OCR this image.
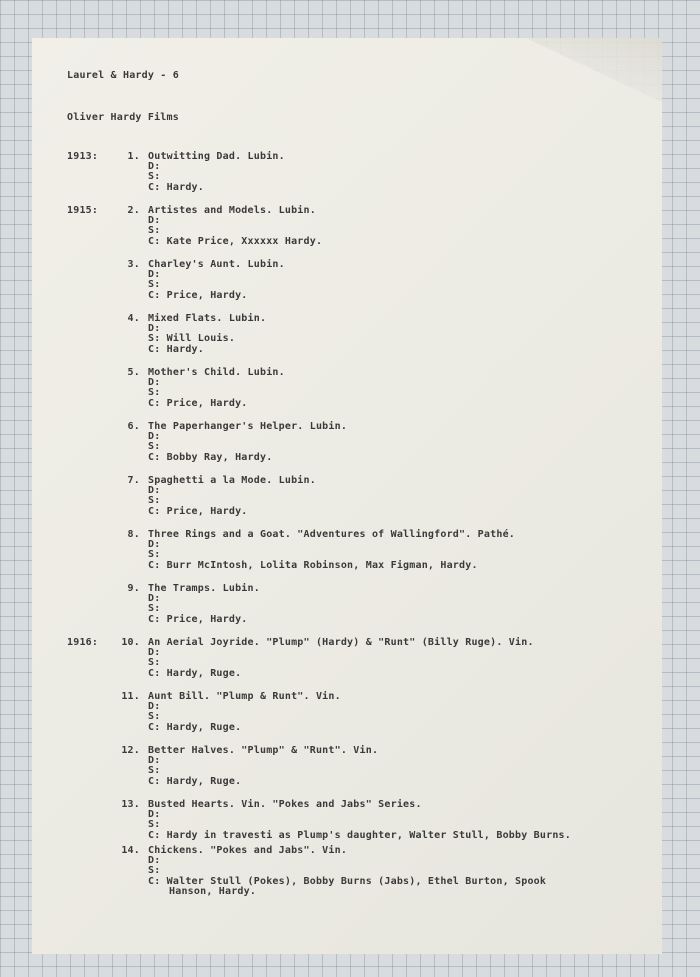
Laurel & Hardy - 6
Oliver Hardy Films
1913:
1915:
1916:
1. Outwitting Dad. Lubin.
D:
S:
C: Hardy.
2. Artistes and Models. Lubin.
D:
S:
C: Kate Price, Xxxxxx Hardy.
3. Charley's Aunt. Lubin.
D:
S:
C: Price, Hardy.
4. Mixed Flats. Lubin.
D:
S: Will Louis.
C: Hardy.
5. Mother's Child. Lubin.
D:
S:
C: Price, Hardy.
6. The Paperhanger's Helper. Lubin.
D:
S:
C: Bobby Ray, Hardy.
7. Spaghetti a la Mode. Lubin.
D:
S:
C: Price, Hardy.
8. Three Rings and a Goat. "Adventures of Wallingford". Pathé.
D:
S:
C: Burr McIntosh, Lolita Robinson, Max Figman, Hardy.
9. The Tramps. Lubin.
D:
S:
C: Price, Hardy.
10. An Aerial Joyride. "Plump" (Hardy) & "Runt" (Billy Ruge). Vin.
D:
S:
C: Hardy, Ruge.
11. Aunt Bill. "Plump & Runt". Vin.
D:
S:
C: Hardy, Ruge.
12. Better Halves. "Plump" & "Runt". Vin.
D:
S:
C: Hardy, Ruge.
13. Busted Hearts. Vin. "Pokes and Jabs" Series.
D:
S:
C: Hardy in travesti as Plump's daughter, Walter Stull, Bobby Burns.
14. Chickens. "Pokes and Jabs". Vin.
D:
S:
C: Walter Stull (Pokes), Bobby Burns (Jabs), Ethel Burton, Spook
Hanson, Hardy.
